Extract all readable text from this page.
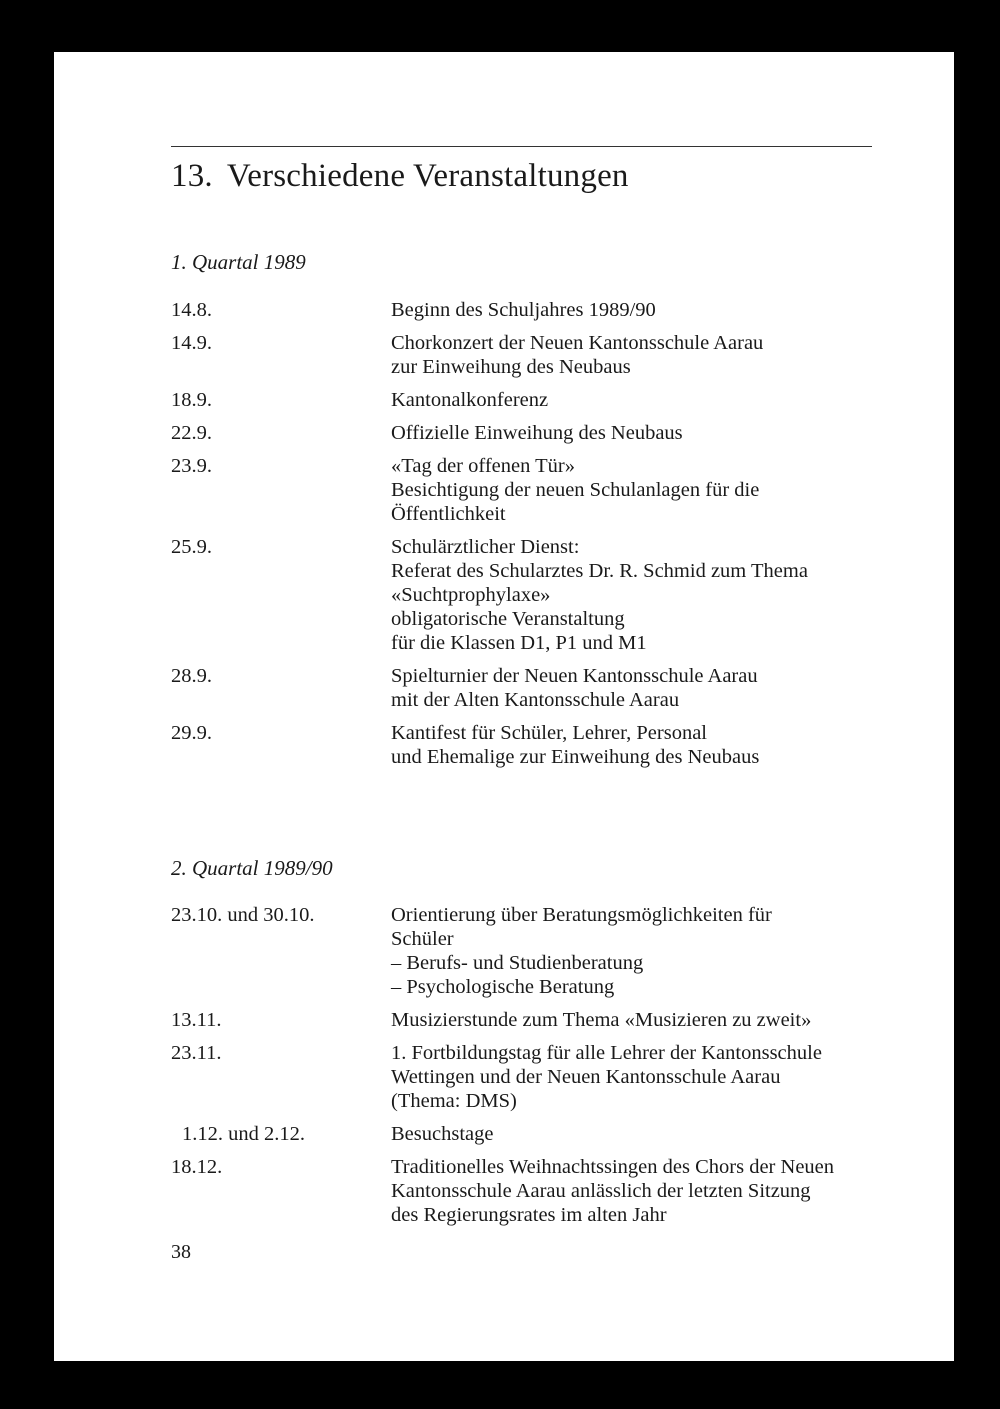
13. Verschiedene Veranstaltungen
1. Quartal 1989
14.8.	Beginn des Schuljahres 1989/90
14.9.	Chorkonzert der Neuen Kantonsschule Aarau
zur Einweihung des Neubaus
18.9.	Kantonalkonferenz
22.9.	Offizielle Einweihung des Neubaus
23.9.	«Tag der offenen Tür»
Besichtigung der neuen Schulanlagen für die
Öffentlichkeit
25.9.	Schulärztlicher Dienst:
Referat des Schularztes Dr. R. Schmid zum Thema
«Suchtprophylaxe»
obligatorische Veranstaltung
für die Klassen D1, P1 und M1
28.9.	Spielturnier der Neuen Kantonsschule Aarau
mit der Alten Kantonsschule Aarau
29.9.	Kantifest für Schüler, Lehrer, Personal
und Ehemalige zur Einweihung des Neubaus
2. Quartal 1989/90
23.10. und 30.10.	Orientierung über Beratungsmöglichkeiten für
Schüler
– Berufs- und Studienberatung
– Psychologische Beratung
13.11.	Musizierstunde zum Thema «Musizieren zu zweit»
23.11.	1. Fortbildungstag für alle Lehrer der Kantonsschule
Wettingen und der Neuen Kantonsschule Aarau
(Thema: DMS)
1.12. und 2.12.	Besuchstage
18.12.	Traditionelles Weihnachtssingen des Chors der Neuen
Kantonsschule Aarau anlässlich der letzten Sitzung
des Regierungsrates im alten Jahr
38
